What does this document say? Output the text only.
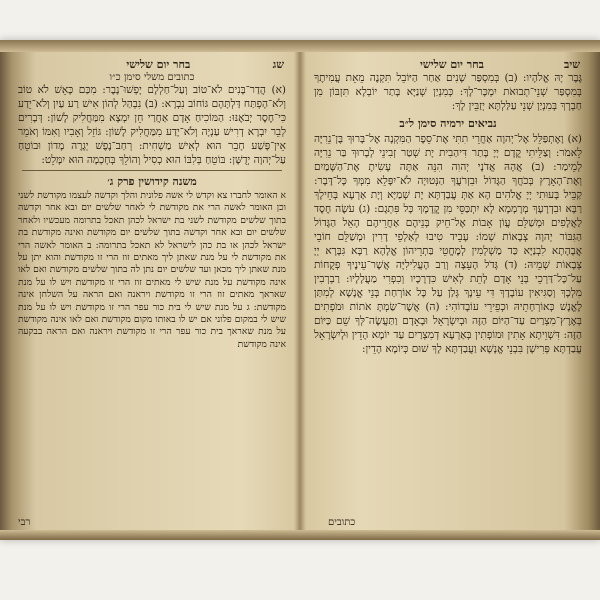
שג
בחר יום שלישי
כתובים משלי סימן כ״ו

(א) הֲדַר־בָּנִים לֹא־טוֹב וְעַל־חַלְלָם יָפְשׁוּ־נָבֶר: מִכַּם כָּאֵשׁ לֹא טוֹב וְלֹא־הָפְתַּח דַּלְתָּהָם גּוֹחוֹב נִבְרָא: (ב) נִבְהַל לְהוֹן אִישׁ רַע עַיִן וְלֹא־יֵדַע כִּי־חֶסֶר יְבֹאֶנּוּ: הַמּוֹכִיחַ אָדָם אַחֲרַי חֵן יִמְצָא מִמַּחֲלִיק לָשׁוֹן: דְּבָרִים לְבֵר יִבְרָא דְרִישׁ עַנְיָה וְלֹא־יָדַע מִמַּחֲלִיק לָשׁוֹן: גּוֹזֵל וְאָבִיו וְאִמּוֹ וְאֹמֵר אֵין־פָּשַׁע חָבֵר הוּא לְאִישׁ מַשְׁחִית: רְחַב־נֶפֶשׁ יְגָרֶה מָדוֹן וּבוֹטֵחַ עַל־יְהוָה יְדֻשָּׁן: בּוֹטֵחַ בְּלִבּוֹ הוּא כְסִיל וְהוֹלֵךְ בְּחָכְמָה הוּא יִמָּלֵט:

משנה קידושין פרק ג׳

א האומר לחברו צא וקדש לי אשה פלונית והלך וקדשה לעצמו מקודשת לשני וכן האומר לאשה הרי את מקודשת לי לאחר שלשים יום ובא אחר וקדשה בתוך שלשים מקודשת לשני בת ישראל לכהן תאכל בתרומה מעכשיו ולאחר שלשים יום ובא אחר וקדשה בתוך שלשים יום מקודשת ואינה מקודשת בת ישראל לכהן או בת כהן לישראל לא תאכל בתרומה: ב האומר לאשה הרי את מקודשת לי על מנת שאתן ליך מאתים זוז הרי זו מקודשת והוא יתן על מנת שאתן ליך מכאן ועד שלשים יום נתן לה בתוך שלשים מקודשת ואם לאו אינה מקודשת על מנת שיש לי מאתים זוז הרי זו מקודשת ויש לו על מנת שאראך מאתים זוז הרי זו מקודשת ויראנה ואם הראה על השלחן אינה מקודשת: ג על מנת שיש לי בית כור עפר הרי זו מקודשת ויש לו על מנת שיש לי במקום פלוני אם יש לו באותו מקום מקודשת ואם לאו אינה מקודשת על מנת שאראך בית כור עפר הרי זו מקודשת ויראנה ואם הראה בבקעה אינה מקודשת

רבי
שיב
בחר יום שלישי

גֶּבֶר יָהּ אֱלֹהָיו: (ב) בְּמִסְפַּר שָׁנִים אַחַר הַיּוֹבֵל תִּקְנֶה מֵאֵת עֲמִיתֶךָ בְּמִסְפַּר שְׁנֵי־תְבוּאֹת יִמְכָּר־לָךְ: כְּמִנְיַן שְׁנַיָּא בָּתַר יוֹבְלָא תִּזְבּוֹן מִן חַבְרָךְ בְּמִנְיַן שְׁנֵי עַלַּלְתָּא יְזַבֵּין לָךְ:

נביאים ירמיה סימן ל״ב

(א) וָאֶתְפַּלֵּל אֶל־יְהוָה אַחֲרֵי תִתִּי אֶת־סֵפֶר הַמִּקְנָה אֶל־בָּרוּךְ בֶּן־נֵרִיָּה לֵאמֹר: וְצַלֵּיתִי קֳדָם יְיָ בָּתַר דִּיהַבִית יָת שְׁטַר זְבִינֵי לְבָרוּךְ בַּר נֵרִיָּה לְמֵימַר: (ב) אֲהָהּ אֲדֹנָי יְהוִה הִנֵּה אַתָּה עָשִׂיתָ אֶת־הַשָּׁמַיִם וְאֶת־הָאָרֶץ בְּכֹחֲךָ הַגָּדוֹל וּבִזְרֹעֲךָ הַנְּטוּיָה לֹא־יִפָּלֵא מִמְּךָ כָּל־דָּבָר: קַבֵּיל בָּעוּתִי יְיָ אֱלֹהִים הָא אַתְּ עֲבַדְתָּא יָת שְׁמַיָּא וְיָת אַרְעָא בְּחֵילָךְ רַבָּא וּבִדְרָעָךְ מְרָמְמָא לָא יִתְכַּסֵּי מִן קֳדָמָךְ כָּל פִּתְגָם: (ג) עֹשֶׂה חֶסֶד לַאֲלָפִים וּמְשַׁלֵּם עֲוֹן אָבוֹת אֶל־חֵיק בְּנֵיהֶם אַחֲרֵיהֶם הָאֵל הַגָּדוֹל הַגִּבּוֹר יְהוָה צְבָאוֹת שְׁמוֹ: עָבֵיד טִיבוּ לְאַלְפֵי דָרִין וּמְשַׁלֵּם חוֹבֵי אֲבָהָתָא לִבְנַיָּא כַּד מַשְׁלְמִין לְמֶחֱטֵי בַּתְרֵיהוֹן אֱלָהָא רַבָּא גִּבָּרָא יְיָ צְבָאוֹת שְׁמֵיהּ: (ד) גְּדֹל הָעֵצָה וְרַב הָעֲלִילִיָּה אֲשֶׁר־עֵינֶיךָ פְקֻחוֹת עַל־כָּל־דַּרְכֵי בְּנֵי אָדָם לָתֵת לְאִישׁ כִּדְרָכָיו וְכִפְרִי מַעֲלָלָיו: רַבְרְבִין מִלְכָךְ וְסַגִּיאִין עוֹבָדָךְ דִּי עֵינָךְ גְּלַן עַל כָּל אוֹרְחַת בְּנֵי אֱנָשָׁא לְמִתַּן לֶאֱנָשׁ כְּאוֹרְחָתֵיהּ וּכְפֵירֵי עוֹבָדוֹהִי: (ה) אֲשֶׁר־שַׂמְתָּ אֹתוֹת וּמֹפְתִים בְּאֶרֶץ־מִצְרַיִם עַד־הַיּוֹם הַזֶּה וּבְיִשְׂרָאֵל וּבָאָדָם וַתַּעֲשֶׂה־לְּךָ שֵׁם כַּיּוֹם הַזֶּה: דִּשְׁוֵיתָא אָתִין וּמוֹפְתִין בְּאַרְעָא דְמִצְרַיִם עַד יוֹמָא הָדֵין וּלְיִשְׂרָאֵל עֲבַדְתָּא פְּרִישָׁן בִּבְנֵי אֱנָשָׁא וַעֲבַדְתָּא לָךְ שׁוּם כְּיוֹמָא הָדֵין:

כתובים
